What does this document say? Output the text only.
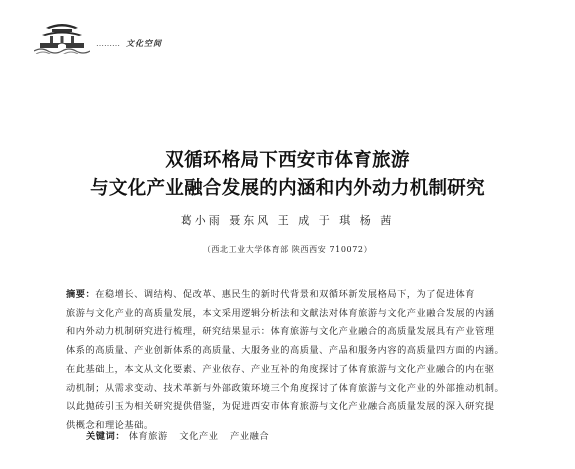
……… 文化空间
双循环格局下西安市体育旅游
与文化产业融合发展的内涵和内外动力机制研究
葛小雨 聂东风 王 成 于 琪 杨 茜
（西北工业大学体育部 陕西西安 710072）
摘要：在稳增长、调结构、促改革、惠民生的新时代背景和双循环新发展格局下，为了促进体育
旅游与文化产业的高质量发展，本文采用逻辑分析法和文献法对体育旅游与文化产业融合发展的内涵
和内外动力机制研究进行梳理，研究结果显示：体育旅游与文化产业融合的高质量发展具有产业管理
体系的高质量、产业创新体系的高质量、大服务业的高质量、产品和服务内容的高质量四方面的内涵。
在此基础上，本文从文化要素、产业依存、产业互补的角度探讨了体育旅游与文化产业融合的内在驱
动机制；从需求变动、技术革新与外部政策环境三个角度探讨了体育旅游与文化产业的外部推动机制。
以此抛砖引玉为相关研究提供借鉴，为促进西安市体育旅游与文化产业融合高质量发展的深入研究提
供概念和理论基础。
关键词： 体育旅游 文化产业 产业融合
